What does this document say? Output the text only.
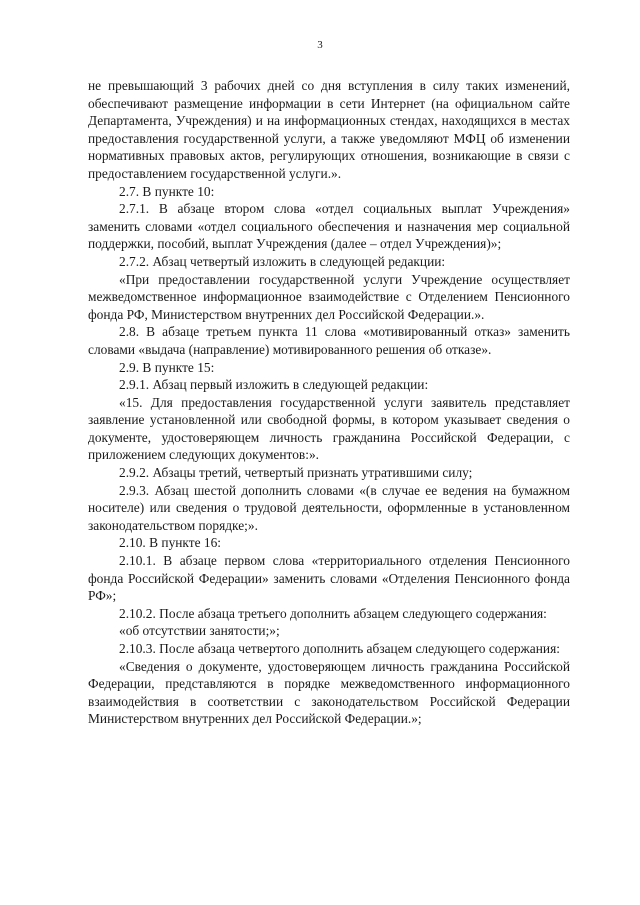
3

не превышающий 3 рабочих дней со дня вступления в силу таких изменений, обеспечивают размещение информации в сети Интернет (на официальном сайте Департамента, Учреждения) и на информационных стендах, находящихся в местах предоставления государственной услуги, а также уведомляют МФЦ об изменении нормативных правовых актов, регулирующих отношения, возникающие в связи с предоставлением государственной услуги.».

2.7. В пункте 10:

2.7.1. В абзаце втором слова «отдел социальных выплат Учреждения» заменить словами «отдел социального обеспечения и назначения мер социальной поддержки, пособий, выплат Учреждения (далее – отдел Учреждения)»;

2.7.2. Абзац четвертый изложить в следующей редакции:

«При предоставлении государственной услуги Учреждение осуществляет межведомственное информационное взаимодействие с Отделением Пенсионного фонда РФ, Министерством внутренних дел Российской Федерации.».

2.8. В абзаце третьем пункта 11 слова «мотивированный отказ» заменить словами «выдача (направление) мотивированного решения об отказе».

2.9. В пункте 15:

2.9.1. Абзац первый изложить в следующей редакции:

«15. Для предоставления государственной услуги заявитель представляет заявление установленной или свободной формы, в котором указывает сведения о документе, удостоверяющем личность гражданина Российской Федерации, с приложением следующих документов:».

2.9.2. Абзацы третий, четвертый признать утратившими силу;

2.9.3. Абзац шестой дополнить словами «(в случае ее ведения на бумажном носителе) или сведения о трудовой деятельности, оформленные в установленном законодательством порядке;».

2.10. В пункте 16:

2.10.1. В абзаце первом слова «территориального отделения Пенсионного фонда Российской Федерации» заменить словами «Отделения Пенсионного фонда РФ»;

2.10.2. После абзаца третьего дополнить абзацем следующего содержания:

«об отсутствии занятости;»;

2.10.3. После абзаца четвертого дополнить абзацем следующего содержания:

«Сведения о документе, удостоверяющем личность гражданина Российской Федерации, представляются в порядке межведомственного информационного взаимодействия в соответствии с законодательством Российской Федерации Министерством внутренних дел Российской Федерации.»;
